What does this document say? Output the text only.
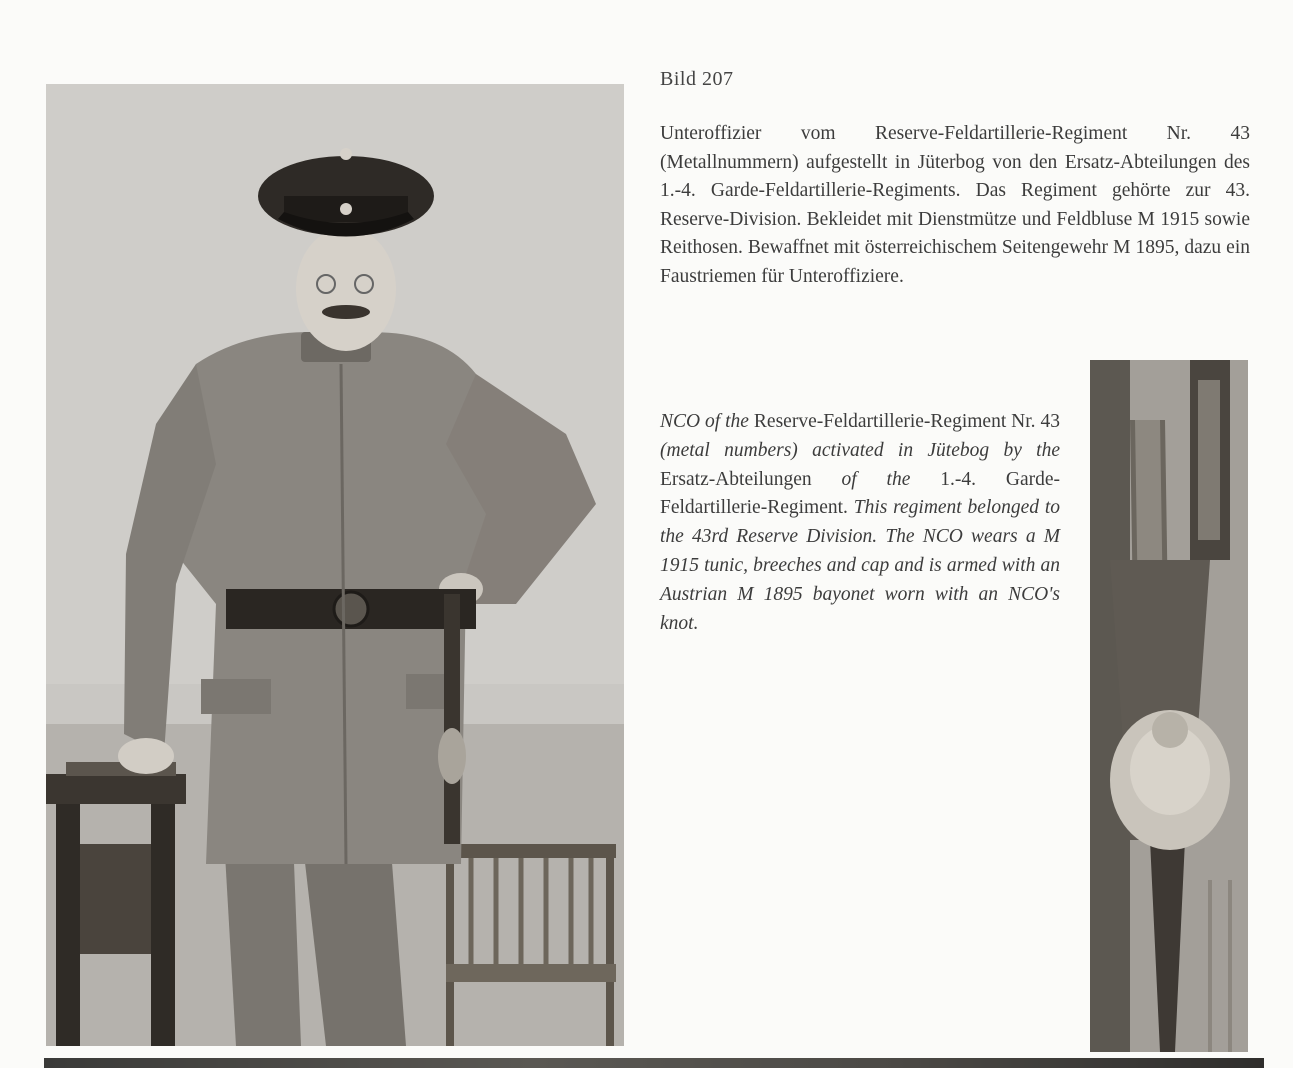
Bild 207
Unteroffizier vom Reserve-Feldartillerie-Regiment Nr. 43 (Metallnummern) aufgestellt in Jüterbog von den Ersatz-Abteilungen des 1.-4. Garde-Feldartillerie-Regiments. Das Regiment gehörte zur 43. Reserve-Division. Bekleidet mit Dienstmütze und Feldbluse M 1915 sowie Reithosen. Bewaffnet mit österreichischem Seitengewehr M 1895, dazu ein Faustriemen für Unteroffiziere.
NCO of the Reserve-Feldartillerie-Regiment Nr. 43 (metal numbers) activated in Jütebog by the Ersatz-Abteilungen of the 1.-4. Garde-Feldartillerie-Regiment. This regiment belonged to the 43rd Reserve Division. The NCO wears a M 1915 tunic, breeches and cap and is armed with an Austrian M 1895 bayonet worn with an NCO's knot.
